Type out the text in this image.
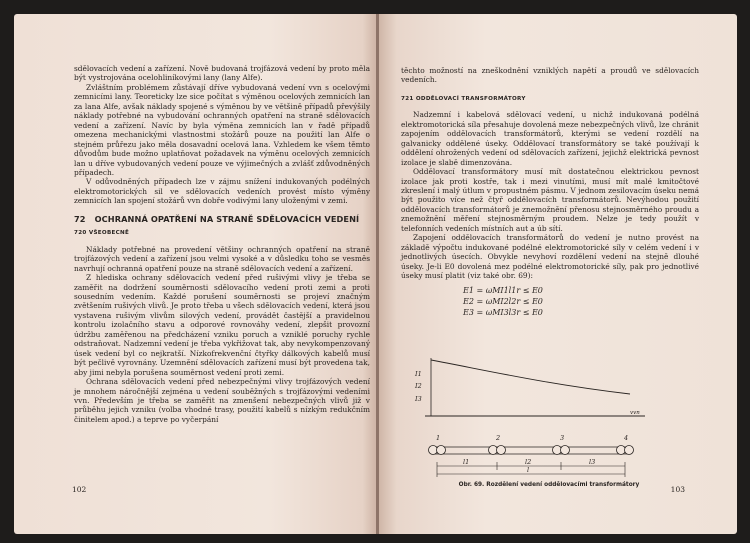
sdělovacích vedení a zařízení. Nově budovaná trojfázová vedení by proto měla být vystrojována ocelohliníkovými lany (lany Alfe).

Zvláštním problémem zůstávají dříve vybudovaná vedení vvn s ocelovými zemnicími lany. Teoreticky lze sice počítat s výměnou ocelových zemnicích lan za lana Alfe, avšak náklady spojené s výměnou by ve většině případů převýšily náklady potřebné na vybudování ochranných opatření na straně sdělovacích vedení a zařízení. Navíc by byla výměna zemnicích lan v řadě případů omezena mechanickými vlastnostmi stožárů pouze na použití lan Alfe o stejném průřezu jako měla dosavadní ocelová lana. Vzhledem ke všem těmto důvodům bude možno uplatňovat požadavek na výměnu ocelových zemnicích lan u dříve vybudovaných vedení pouze ve výjimečných a zvlášť zdůvodněných případech.

V odůvodněných případech lze v zájmu snížení indukovaných podélných elektromotorických sil ve sdělovacích vedeních provést místo výměny zemnicích lan spojení stožárů vvn dobře vodivými lany uloženými v zemi.

72 OCHRANNÁ OPATŘENÍ NA STRANĚ SDĚLOVACÍCH VEDENÍ
720 VŠEOBECNĚ

Náklady potřebné na provedení většiny ochranných opatření na straně trojfázových vedení a zařízení jsou velmi vysoké a v důsledku toho se vesměs navrhují ochranná opatření pouze na straně sdělovacích vedení a zařízení.

Z hlediska ochrany sdělovacích vedení před rušivými vlivy je třeba se zaměřit na dodržení souměrnosti sdělovacího vedení proti zemi a proti sousedním vedením. Každé porušení souměrnosti se projeví značným zvětšením rušivých vlivů. Je proto třeba u všech sdělovacích vedení, která jsou vystavena rušivým vlivům silových vedení, provádět častější a pravidelnou kontrolu izolačního stavu a odporové rovnováhy vedení, zlepšit provozní údržbu zaměřenou na předcházení vzniku poruch a vzniklé poruchy rychle odstraňovat. Nadzemní vedení je třeba vykřižovat tak, aby nevykompenzovaný úsek vedení byl co nejkratší. Nízkofrekvenční čtyřky dálkových kabelů musí být pečlivě vyrovnány. Uzemnění sdělovacích zařízení musí být provedena tak, aby jimi nebyla porušena souměrnost vedení proti zemi.

Ochrana sdělovacích vedení před nebezpečnými vlivy trojfázových vedení je mnohem náročnější zejména u vedení souběžných s trojfázovými vedeními vvn. Především je třeba se zaměřit na zmenšení nebezpečných vlivů již v průběhu jejich vzniku (volba vhodné trasy, použití kabelů s nízkým redukčním činitelem apod.) a teprve po vyčerpání

102

těchto možností na zneškodnění vzniklých napětí a proudů ve sdělovacích vedeních.

721 ODDĚLOVACÍ TRANSFORMÁTORY

Nadzemní i kabelová sdělovací vedení, u nichž indukovaná podélná elektromotorická síla přesahuje dovolená meze nebezpečných vlivů, lze chránit zapojením oddělovacích transformátorů, kterými se vedení rozdělí na galvanicky oddělené úseky. Oddělovací transformátory se také používají k oddělení ohrožených vedení od sdělovacích zařízení, jejichž elektrická pevnost izolace je slabě dimenzována.

Oddělovací transformátory musí mít dostatečnou elektrickou pevnost izolace jak proti kostře, tak i mezi vinutími, musí mít malé kmitočtové zkreslení i malý útlum v propustném pásmu. V jednom zesilovacím úseku nemá být použito více než čtyř oddělovacích transformátorů. Nevýhodou použití oddělovacích transformátorů je znemožnění přenosu stejnosměrného proudu a znemožnění měření stejnosměrným proudem. Nelze je tedy použít v telefonních vedeních místních aut a úb sítí.

Zapojení oddělovacích transformátorů do vedení je nutno provést na základě výpočtu indukované podélné elektromotorické síly v celém vedení i v jednotlivých úsecích. Obvykle nevyhoví rozdělení vedení na stejně dlouhé úseky. Je-li E0 dovolená mez podélné elektromotorické síly, pak pro jednotlivé úseky musí platit (viz také obr. 69):

E1 = ωMI1l1r ≤ E0
E2 = ωMI2l2r ≤ E0
E3 = ωMI3l3r ≤ E0
I1
I2
I3
vvn
1	2	3	4
l1	l2	l3
l
Obr. 69. Rozdělení vedení oddělovacími transformátory	103
